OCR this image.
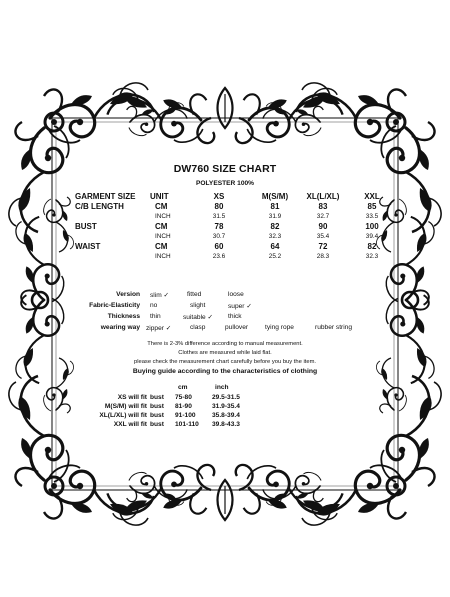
DW760 SIZE CHART
POLYESTER 100%
GARMENT SIZE UNIT	XS	M(S/M)	XL(L/XL)	XXL
C/B LENGTH	CM	80	81	83	85
INCH	31.5	31.9	32.7	33.5
BUST	CM	78	82	90	100
INCH	30.7	32.3	35.4	39.4
WAIST	CM	60	64	72	82
INCH	23.6	25.2	28.3	32.3
Version slim ✓	fitted	loose
Fabric-Elasticity no	slight	super ✓
Thickness thin	suitable ✓ thick
wearing way zipper ✓	clasp	pullover	tying rope	rubber string
There is 2-3% difference according to manual measurement.
Clothes are measured while laid flat.
please check the measurement chart carefully before you buy the item.
Buying guide according to the characteristics of clothing
cm	inch
XS will fit bust 75-80	29.5-31.5
M(S/M) will fit bust 81-90	31.9-35.4
XL(L/XL) will fit bust 91-100 35.8-39.4
XXL will fit bust 101-110 39.8-43.3
